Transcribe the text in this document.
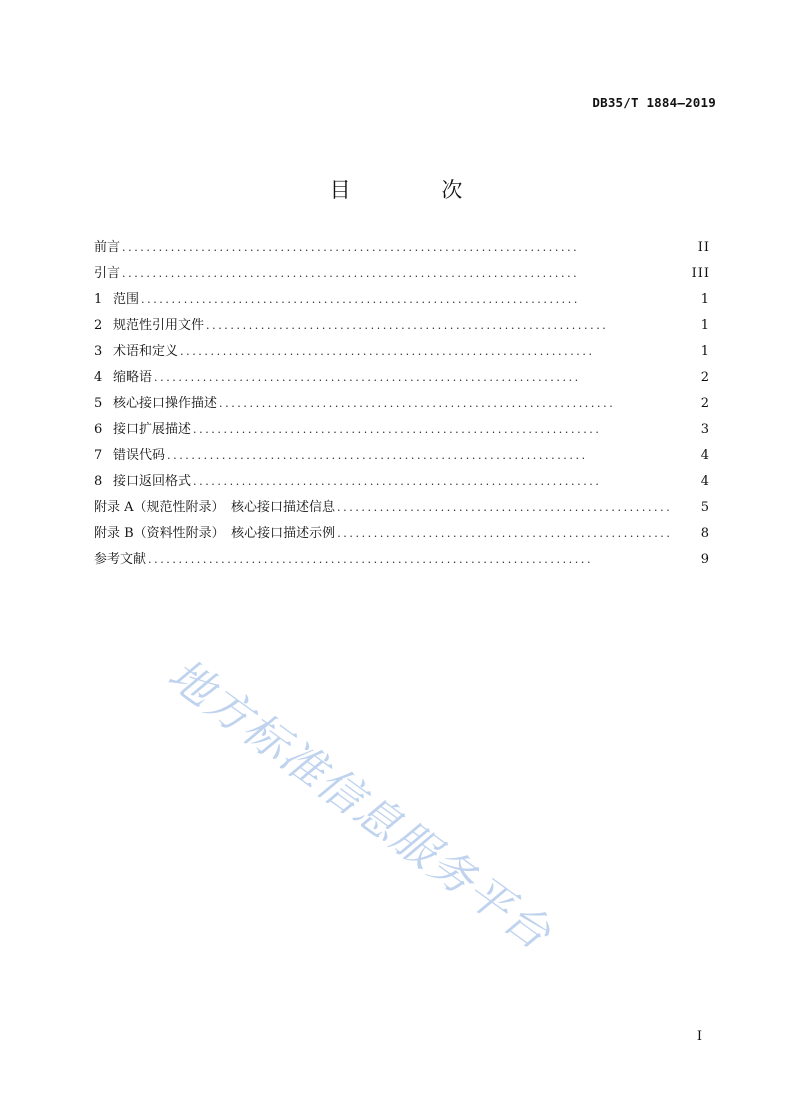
DB35/T 1884—2019
目 次
前言 ...........................................................................	II
引言 ...........................................................................	III
1 范围 ........................................................................	1
2 规范性引用文件 ..................................................................	1
3 术语和定义 ....................................................................	1
4 缩略语 ......................................................................	2
5 核心接口操作描述 .................................................................	2
6 接口扩展描述 ...................................................................	3
7 错误代码 .....................................................................	4
8 接口返回格式 ...................................................................	4
附录 A（规范性附录）　核心接口描述信息 .......................................................	5
附录 B（资料性附录）　核心接口描述示例 .......................................................	8
参考文献 .........................................................................	9
地方标准信息服务平台
I
